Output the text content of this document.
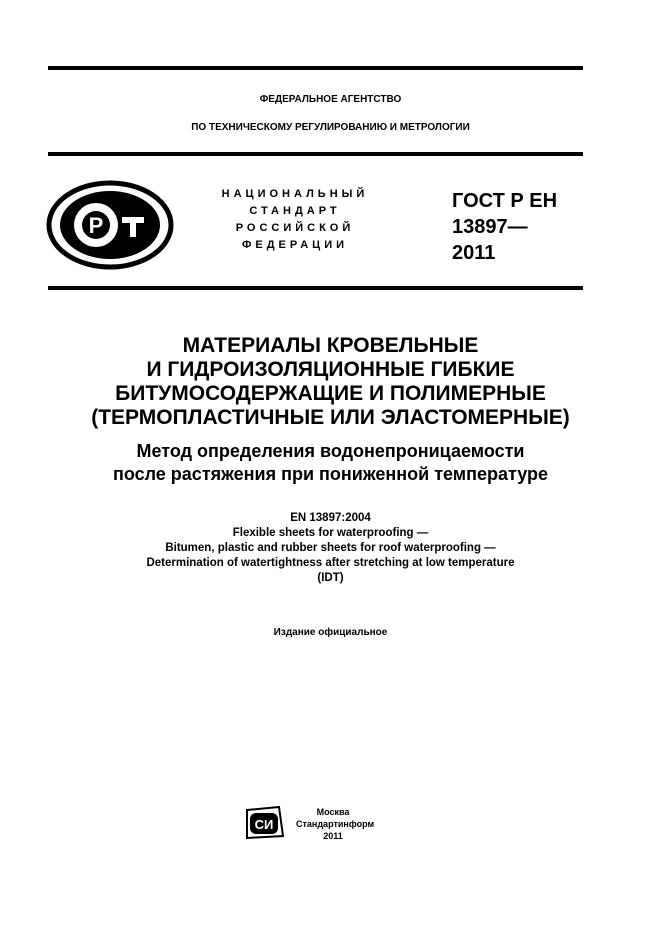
ФЕДЕРАЛЬНОЕ АГЕНТСТВО
ПО ТЕХНИЧЕСКОМУ РЕГУЛИРОВАНИЮ И МЕТРОЛОГИИ
P
НАЦИОНАЛЬНЫЙ
СТАНДАРТ
РОССИЙСКОЙ
ФЕДЕРАЦИИ
ГОСТ Р ЕН
13897—
2011
МАТЕРИАЛЫ КРОВЕЛЬНЫЕ
И ГИДРОИЗОЛЯЦИОННЫЕ ГИБКИЕ
БИТУМОСОДЕРЖАЩИЕ И ПОЛИМЕРНЫЕ
(ТЕРМОПЛАСТИЧНЫЕ ИЛИ ЭЛАСТОМЕРНЫЕ)
Метод определения водонепроницаемости
после растяжения при пониженной температуре
EN 13897:2004
Flexible sheets for waterproofing —
Bitumen, plastic and rubber sheets for roof waterproofing —
Determination of watertightness after stretching at low temperature
(IDT)
Издание официальное
СИ
Москва
Стандартинформ
2011
